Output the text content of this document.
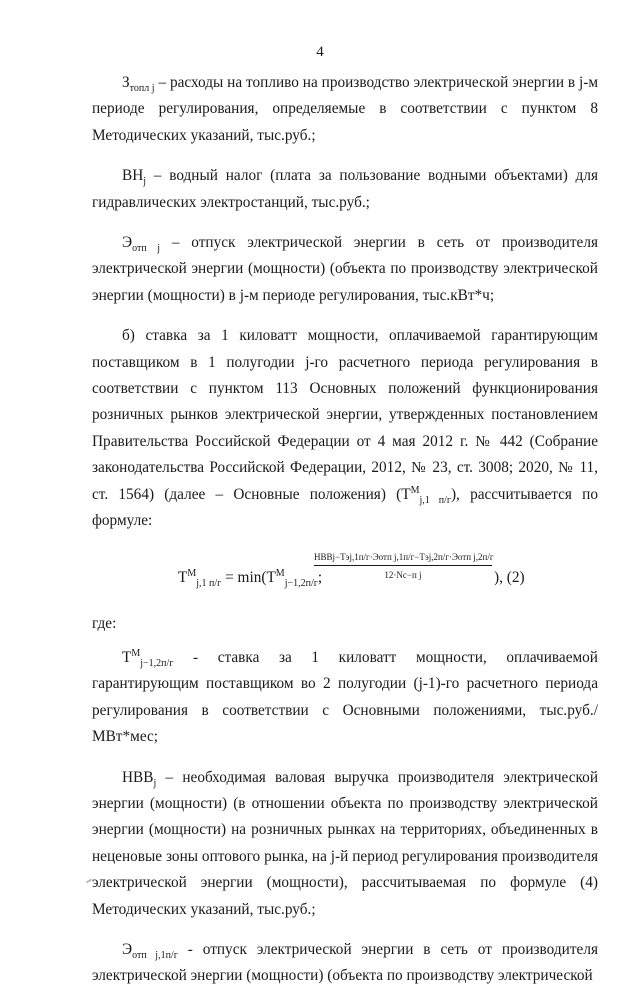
4

$З_{топл j}$ – расходы на топливо на производство электрической энергии в j-м периоде регулирования, определяемые в соответствии с пунктом 8 Методических указаний, тыс.руб.;

$ВН_j$ – водный налог (плата за пользование водными объектами) для гидравлических электростанций, тыс.руб.;

$Э_{отп j}$ – отпуск электрической энергии в сеть от производителя электрической энергии (мощности) (объекта по производству электрической энергии (мощности) в j-м периоде регулирования, тыс.кВт*ч;

б) ставка за 1 киловатт мощности, оплачиваемой гарантирующим поставщиком в 1 полугодии j-го расчетного периода регулирования в соответствии с пунктом 113 Основных положений функционирования розничных рынков электрической энергии, утвержденных постановлением Правительства Российской Федерации от 4 мая 2012 г. № 442 (Собрание законодательства Российской Федерации, 2012, № 23, ст. 3008; 2020, № 11, ст. 1564) (далее – Основные положения) $(Т^М_{j,1 п/г})$, рассчитывается по формуле:

$Т^М_{j,1 п/г} = \min(Т^М_{j-1,2п/г}$;
НВВj−Тэj,1п/г·Эотп j,1п/г−Тэj,2п/г·Эотп j,2п/г
12·Nс−п j	), (2)

где:

$Т^М_{j-1,2п/г}$ - ставка за 1 киловатт мощности, оплачиваемой гарантирующим поставщиком во 2 полугодии (j-1)-го расчетного периода регулирования в соответствии с Основными положениями, тыс.руб./МВт*мес;

$НВВ_j$ – необходимая валовая выручка производителя электрической энергии (мощности) (в отношении объекта по производству электрической энергии (мощности) на розничных рынках на территориях, объединенных в неценовые зоны оптового рынка, на j-й период регулирования производителя электрической энергии (мощности), рассчитываемая по формуле (4) Методических указаний, тыс.руб.;

$Э_{отп j,1п/г}$ - отпуск электрической энергии в сеть от производителя электрической энергии (мощности) (объекта по производству электрической
